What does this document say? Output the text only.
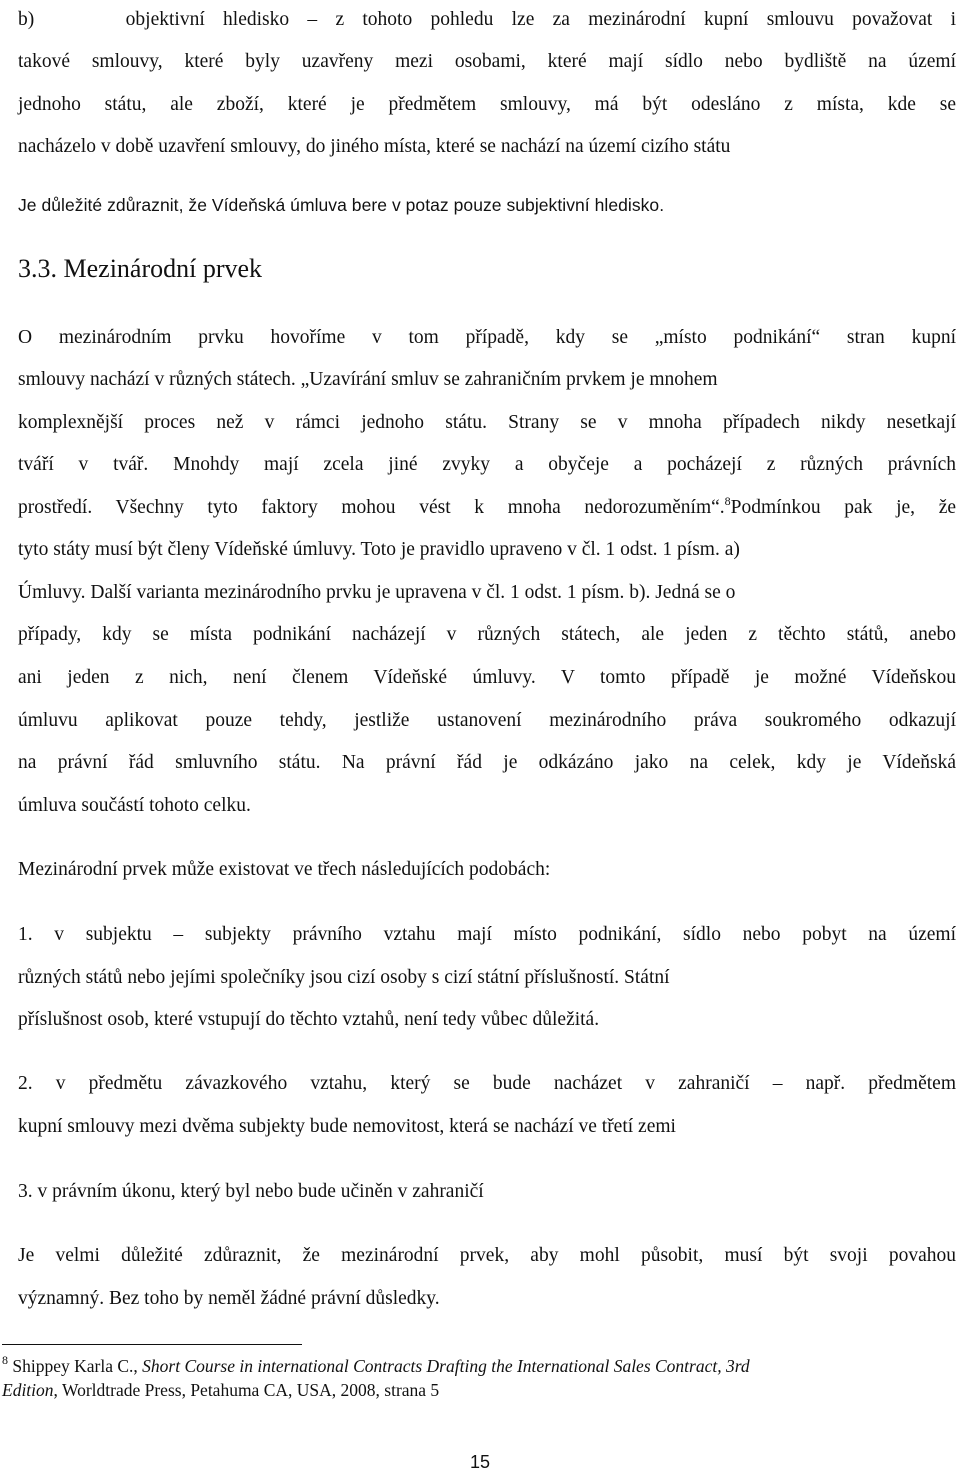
b)     objektivní hledisko – z tohoto pohledu lze za mezinárodní kupní smlouvu považovat i
takové smlouvy, které byly uzavřeny mezi osobami, které mají sídlo nebo bydliště na území
jednoho státu, ale zboží, které je předmětem smlouvy, má být odesláno z místa, kde se
nacházelo v době uzavření smlouvy, do jiného místa, které se nachází na území cizího státu
Je důležité zdůraznit, že Vídeňská úmluva bere v potaz pouze subjektivní hledisko.
3.3. Mezinárodní prvek
O mezinárodním prvku hovoříme v tom případě, kdy se „místo podnikání“ stran kupní
smlouvy nachází v různých státech. „Uzavírání smluv se zahraničním prvkem je mnohem
komplexnější proces než v rámci jednoho státu. Strany se v mnoha případech nikdy nesetkají
tváří v tvář. Mnohdy mají zcela jiné zvyky a obyčeje a pocházejí z různých právních
prostředí. Všechny tyto faktory mohou vést k mnoha nedorozuměním“.$^8$Podmínkou pak je, že
tyto státy musí být členy Vídeňské úmluvy. Toto je pravidlo upraveno v čl. 1 odst. 1 písm. a)
Úmluvy. Další varianta mezinárodního prvku je upravena v čl. 1 odst. 1 písm. b). Jedná se o
případy, kdy se místa podnikání nacházejí v různých státech, ale jeden z těchto států, anebo
ani jeden z nich, není členem Vídeňské úmluvy. V tomto případě je možné Vídeňskou
úmluvu aplikovat pouze tehdy, jestliže ustanovení mezinárodního práva soukromého odkazují
na právní řád smluvního státu. Na právní řád je odkázáno jako na celek, kdy je Vídeňská
úmluva součástí tohoto celku.
Mezinárodní prvek může existovat ve třech následujících podobách:
1. v subjektu – subjekty právního vztahu mají místo podnikání, sídlo nebo pobyt na území
různých států nebo jejími společníky jsou cizí osoby s cizí státní příslušností. Státní
příslušnost osob, které vstupují do těchto vztahů, není tedy vůbec důležitá.
2. v předmětu závazkového vztahu, který se bude nacházet v zahraničí – např. předmětem
kupní smlouvy mezi dvěma subjekty bude nemovitost, která se nachází ve třetí zemi
3. v právním úkonu, který byl nebo bude učiněn v zahraničí
Je velmi důležité zdůraznit, že mezinárodní prvek, aby mohl působit, musí být svoji povahou
významný. Bez toho by neměl žádné právní důsledky.
$^8$ Shippey Karla C., Short Course in international Contracts Drafting the International Sales Contract, 3rd
Edition, Worldtrade Press, Petahuma CA, USA, 2008, strana 5
15
